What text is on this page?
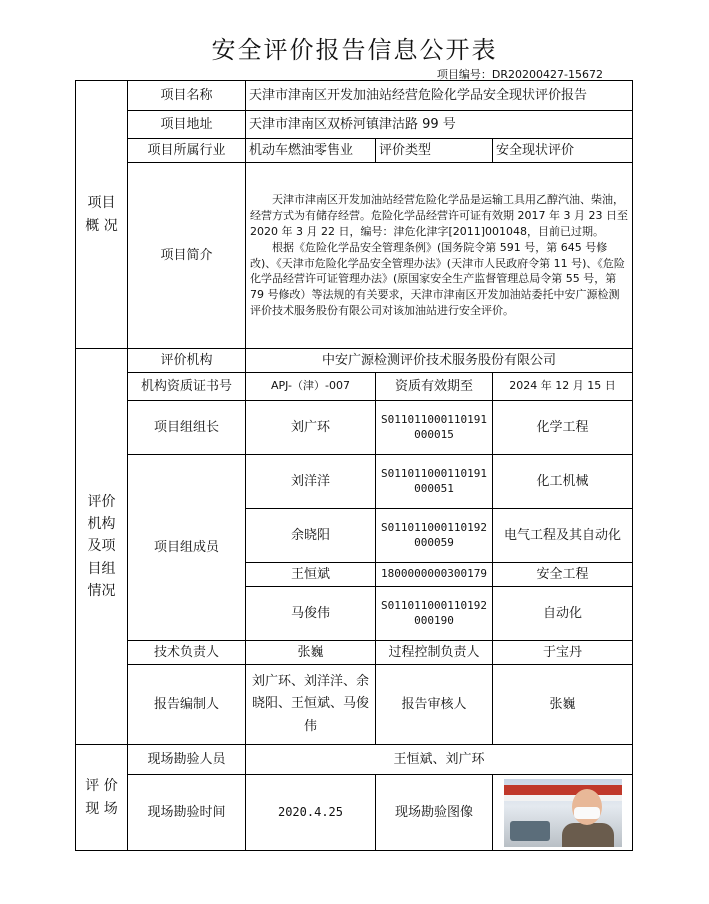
安全评价报告信息公开表
项目编号：DR20200427-15672
项目
概 况	项目名称	天津市津南区开发加油站经营危险化学品安全现状评价报告		
	项目地址	天津市津南区双桥河镇津沽路 99 号		
	项目所属行业	机动车燃油零售业	评价类型	安全现状评价
	项目简介	天津市津南区开发加油站经营危险化学品是运输工具用乙醇汽油、柴油，经营方式为有储存经营。危险化学品经营许可证有效期 2017 年 3 月 23 日至 2020 年 3 月 22 日，编号：津危化津字[2011]001048，目前已过期。

根据《危险化学品安全管理条例》(国务院令第 591 号，第 645 号修改)、《天津市危险化学品安全管理办法》(天津市人民政府令第 11 号)、《危险化学品经营许可证管理办法》(原国家安全生产监督管理总局令第 55 号，第 79 号修改）等法规的有关要求，天津市津南区开发加油站委托中安广源检测评价技术服务股份有限公司对该加油站进行安全评价。		

评价
机构
及项
目组
情况	评价机构	中安广源检测评价技术服务股份有限公司		
	机构资质证书号	APJ-（津）-007	资质有效期至	2024 年 12 月 15 日
	项目组组长	刘广环	S011011000110191000015	化学工程
	项目组成员	刘洋洋	S011011000110191000051	化工机械
		余晓阳	S011011000110192000059	电气工程及其自动化
		王恒斌	1800000000300179	安全工程
		马俊伟	S011011000110192000190	自动化
	技术负责人	张巍	过程控制负责人	于宝丹
	报告编制人	刘广环、刘洋洋、余晓阳、王恒斌、马俊伟	报告审核人	张巍

评 价
现 场	现场勘验人员	王恒斌、刘广环		
	现场勘验时间	2020.4.25	现场勘验图像	
